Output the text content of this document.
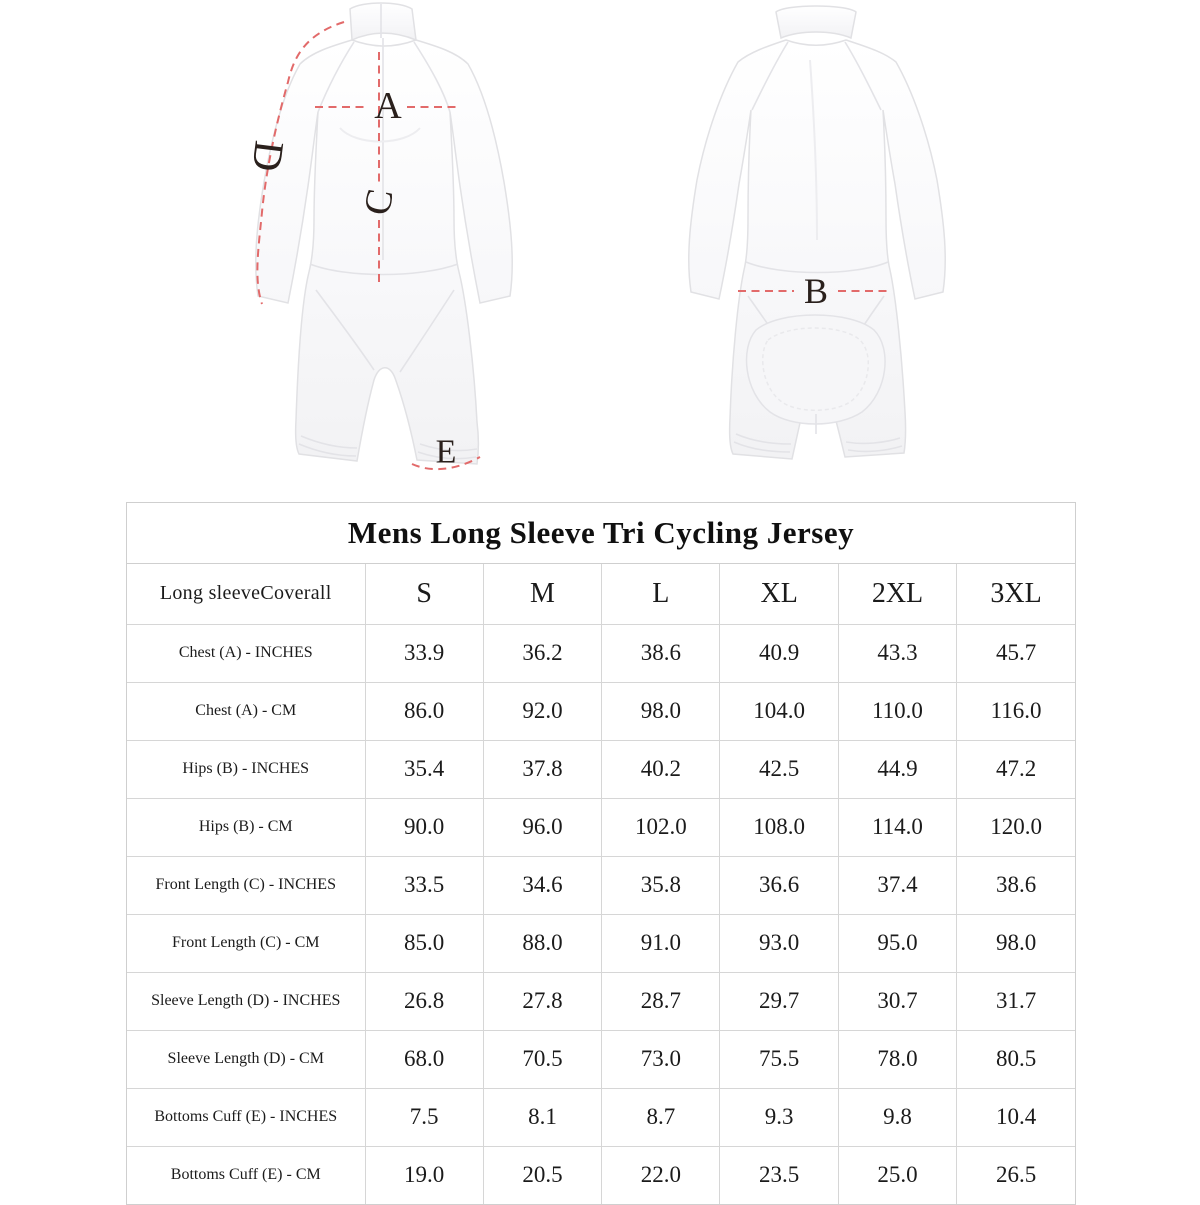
A
B
C
D
E
Mens Long Sleeve Tri Cycling Jersey
Long sleeveCoverall	S	M	L	XL	2XL	3XL
Chest (A) - INCHES	33.9	36.2	38.6	40.9	43.3	45.7
Chest (A) - CM	86.0	92.0	98.0	104.0	110.0	116.0
Hips (B) - INCHES	35.4	37.8	40.2	42.5	44.9	47.2
Hips (B) - CM	90.0	96.0	102.0	108.0	114.0	120.0
Front Length (C) - INCHES	33.5	34.6	35.8	36.6	37.4	38.6
Front Length (C) - CM	85.0	88.0	91.0	93.0	95.0	98.0
Sleeve Length (D) - INCHES	26.8	27.8	28.7	29.7	30.7	31.7
Sleeve Length (D) - CM	68.0	70.5	73.0	75.5	78.0	80.5
Bottoms Cuff (E) - INCHES	7.5	8.1	8.7	9.3	9.8	10.4
Bottoms Cuff (E) - CM	19.0	20.5	22.0	23.5	25.0	26.5
